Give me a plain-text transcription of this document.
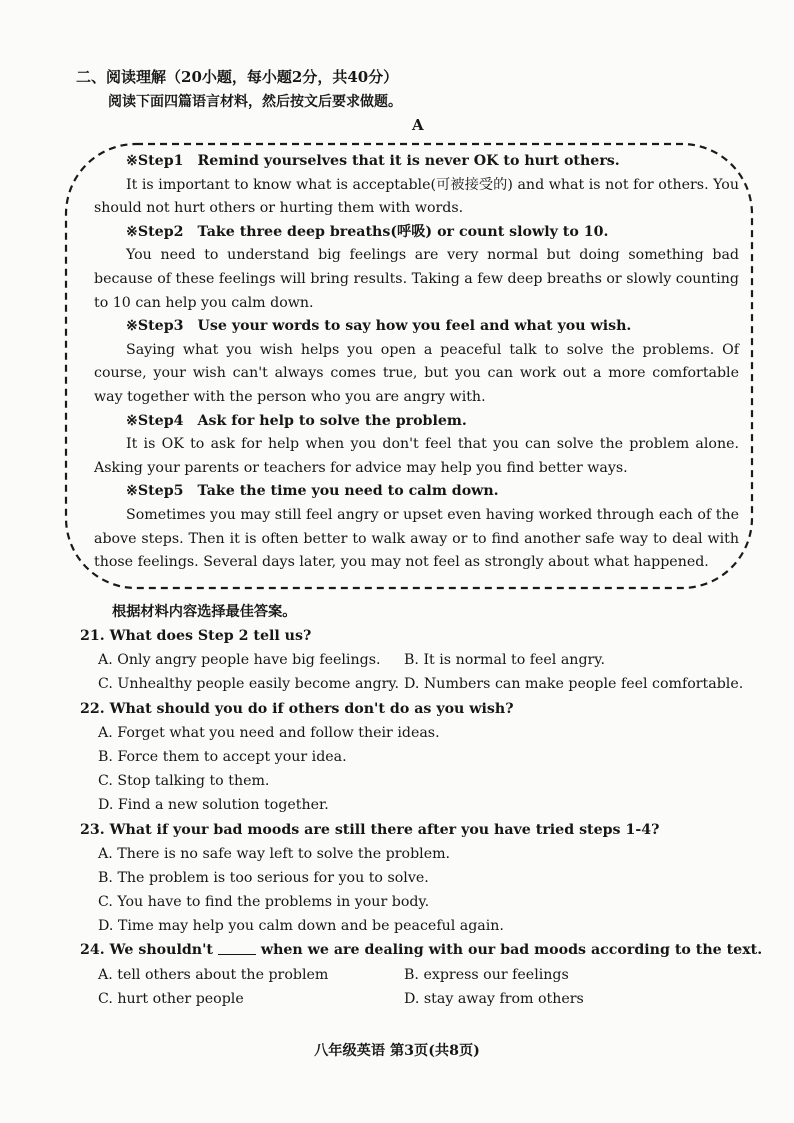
二、阅读理解（20小题，每小题2分，共40分）
阅读下面四篇语言材料，然后按文后要求做题。
A

※Step1 Remind yourselves that it is never OK to hurt others.

It is important to know what is acceptable(可被接受的) and what is not for others. You should not hurt others or hurting them with words.

※Step2 Take three deep breaths(呼吸) or count slowly to 10.

You need to understand big feelings are very normal but doing something bad because of these feelings will bring results. Taking a few deep breaths or slowly counting to 10 can help you calm down.

※Step3 Use your words to say how you feel and what you wish.

Saying what you wish helps you open a peaceful talk to solve the problems. Of course, your wish can't always comes true, but you can work out a more comfortable way together with the person who you are angry with.

※Step4 Ask for help to solve the problem.

It is OK to ask for help when you don't feel that you can solve the problem alone. Asking your parents or teachers for advice may help you find better ways.

※Step5 Take the time you need to calm down.

Sometimes you may still feel angry or upset even having worked through each of the above steps. Then it is often better to walk away or to find another safe way to deal with those feelings. Several days later, you may not feel as strongly about what happened.

根据材料内容选择最佳答案。

21. What does Step 2 tell us?

A. Only angry people have big feelings.	B. It is normal to feel angry.
C. Unhealthy people easily become angry. D. Numbers can make people feel comfortable.

22. What should you do if others don't do as you wish?

A. Forget what you need and follow their ideas.
B. Force them to accept your idea.
C. Stop talking to them.
D. Find a new solution together.

23. What if your bad moods are still there after you have tried steps 1-4?

A. There is no safe way left to solve the problem.
B. The problem is too serious for you to solve.
C. You have to find the problems in your body.
D. Time may help you calm down and be peaceful again.

24. We shouldn't	when we are dealing with our bad moods according to the text.

A. tell others about the problem	B. express our feelings
C. hurt other people	D. stay away from others
八年级英语 第3页(共8页)
